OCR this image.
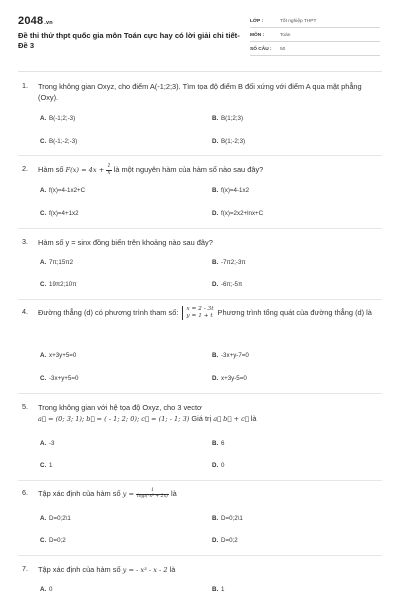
2048.vn
Đề thi thử thpt quốc gia môn Toán cực hay có lời giải chi tiết- Đề 3
LỚP :	Tốt nghiệp THPT
MÔN :	Toán
SỐ CÂU :	50
1.	Trong không gian Oxyz, cho điểm A(-1;2;3). Tìm tọa độ điểm B đối xứng với điểm A qua mặt phẳng (Oxy).
A. B(-1;2;-3)	B. B(1;2;3)
C. B(-1;-2;-3)	D. B(1;-2;3)
2.	Hàm số $F(x) = 4x + \frac{1}{x}$ là một nguyên hàm của hàm số nào sau đây?
A. f(x)=4-1x2+C	B. f(x)=4-1x2
C. f(x)=4+1x2	D. f(x)=2x2+lnx+C
3.	Hàm số y = sinx đồng biến trên khoảng nào sau đây?
A. 7π;15π2	B. -7π2;-3π
C. 19π2;10π	D. -6π;-5π
4.	Đường thẳng (d) có phương trình tham số: x = 2 - 3t
y = 1 + t Phương trình tổng quát của đường thẳng (d) là
A. x+3y+5=0	B. -3x+y-7=0
C. -3x+y+5=0	D. x+3y-5=0
5.	Trong không gian với hệ tọa độ Oxyz, cho 3 vectơ
a⃗ = (0; 3; 1); b⃗ = ( - 1; 2; 0); c⃗ = (1; - 1; 3) Giá trị a⃗ b⃗ + c⃗ là
A. -3	B. 6
C. 1	D. 0
6.	Tập xác định của hàm số $y = \frac{1}{\text{log₂(-x² + 2x)}}$ là
A. D=0;2\1	B. D=0;2\1
C. D=0;2	D. D=0;2
7.	Tập xác định của hàm số y = - x³ - x - 2 là
A. 0	B. 1
